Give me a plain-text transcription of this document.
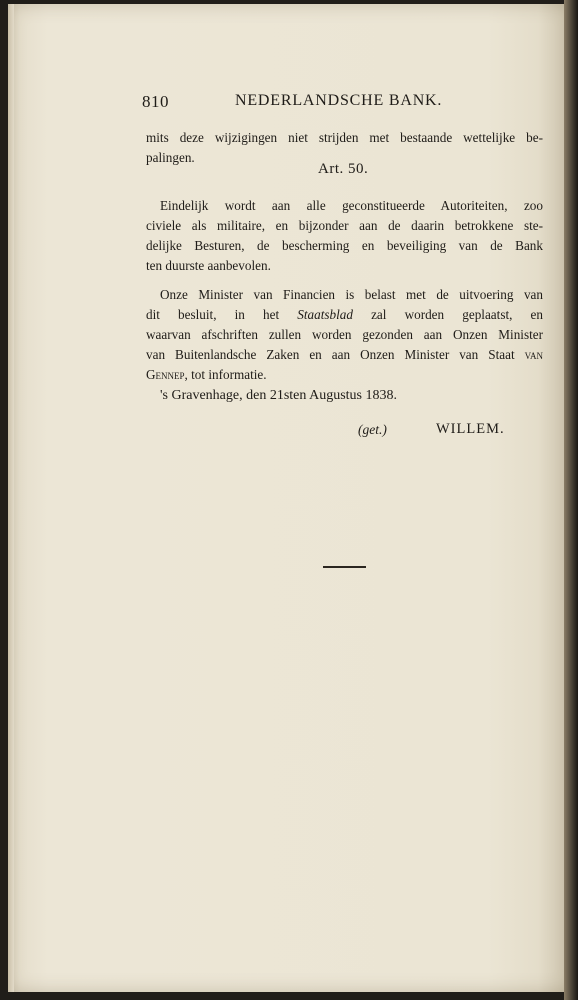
810	NEDERLANDSCHE BANK.
mits deze wijzigingen niet strijden met bestaande wettelijke be-
palingen.
Art. 50.
Eindelijk wordt aan alle geconstitueerde Autoriteiten, zoo
civiele als militaire, en bijzonder aan de daarin betrokkene ste-
delijke Besturen, de bescherming en beveiliging van de Bank
ten duurste aanbevolen.
Onze Minister van Financien is belast met de uitvoering van
dit besluit, in het Staatsblad zal worden geplaatst, en
waarvan afschriften zullen worden gezonden aan Onzen Minister
van Buitenlandsche Zaken en aan Onzen Minister van Staat van
Gennep, tot informatie.
's Gravenhage, den 21sten Augustus 1838.
(get.)	WILLEM.
